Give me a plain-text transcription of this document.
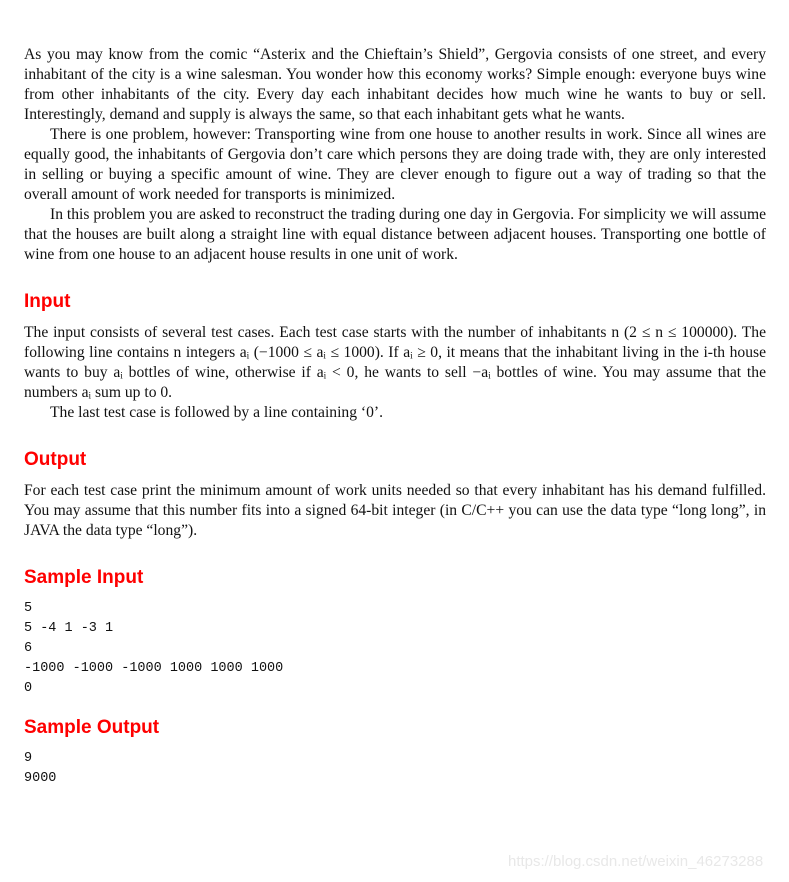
As you may know from the comic “Asterix and the Chieftain’s Shield”, Gergovia consists of one street, and every inhabitant of the city is a wine salesman. You wonder how this economy works? Simple enough: everyone buys wine from other inhabitants of the city. Every day each inhabitant decides how much wine he wants to buy or sell. Interestingly, demand and supply is always the same, so that each inhabitant gets what he wants.

There is one problem, however: Transporting wine from one house to another results in work. Since all wines are equally good, the inhabitants of Gergovia don’t care which persons they are doing trade with, they are only interested in selling or buying a specific amount of wine. They are clever enough to figure out a way of trading so that the overall amount of work needed for transports is minimized.

In this problem you are asked to reconstruct the trading during one day in Gergovia. For simplicity we will assume that the houses are built along a straight line with equal distance between adjacent houses. Transporting one bottle of wine from one house to an adjacent house results in one unit of work.

Input

The input consists of several test cases. Each test case starts with the number of inhabitants n (2 ≤ n ≤ 100000). The following line contains n integers aᵢ (−1000 ≤ aᵢ ≤ 1000). If aᵢ ≥ 0, it means that the inhabitant living in the i-th house wants to buy aᵢ bottles of wine, otherwise if aᵢ < 0, he wants to sell −aᵢ bottles of wine. You may assume that the numbers aᵢ sum up to 0.

The last test case is followed by a line containing ‘0’.

Output

For each test case print the minimum amount of work units needed so that every inhabitant has his demand fulfilled. You may assume that this number fits into a signed 64-bit integer (in C/C++ you can use the data type “long long”, in JAVA the data type “long”).

Sample Input
5
5 -4 1 -3 1
6
-1000 -1000 -1000 1000 1000 1000
0
Sample Output
9
9000
https://blog.csdn.net/weixin_46273288
